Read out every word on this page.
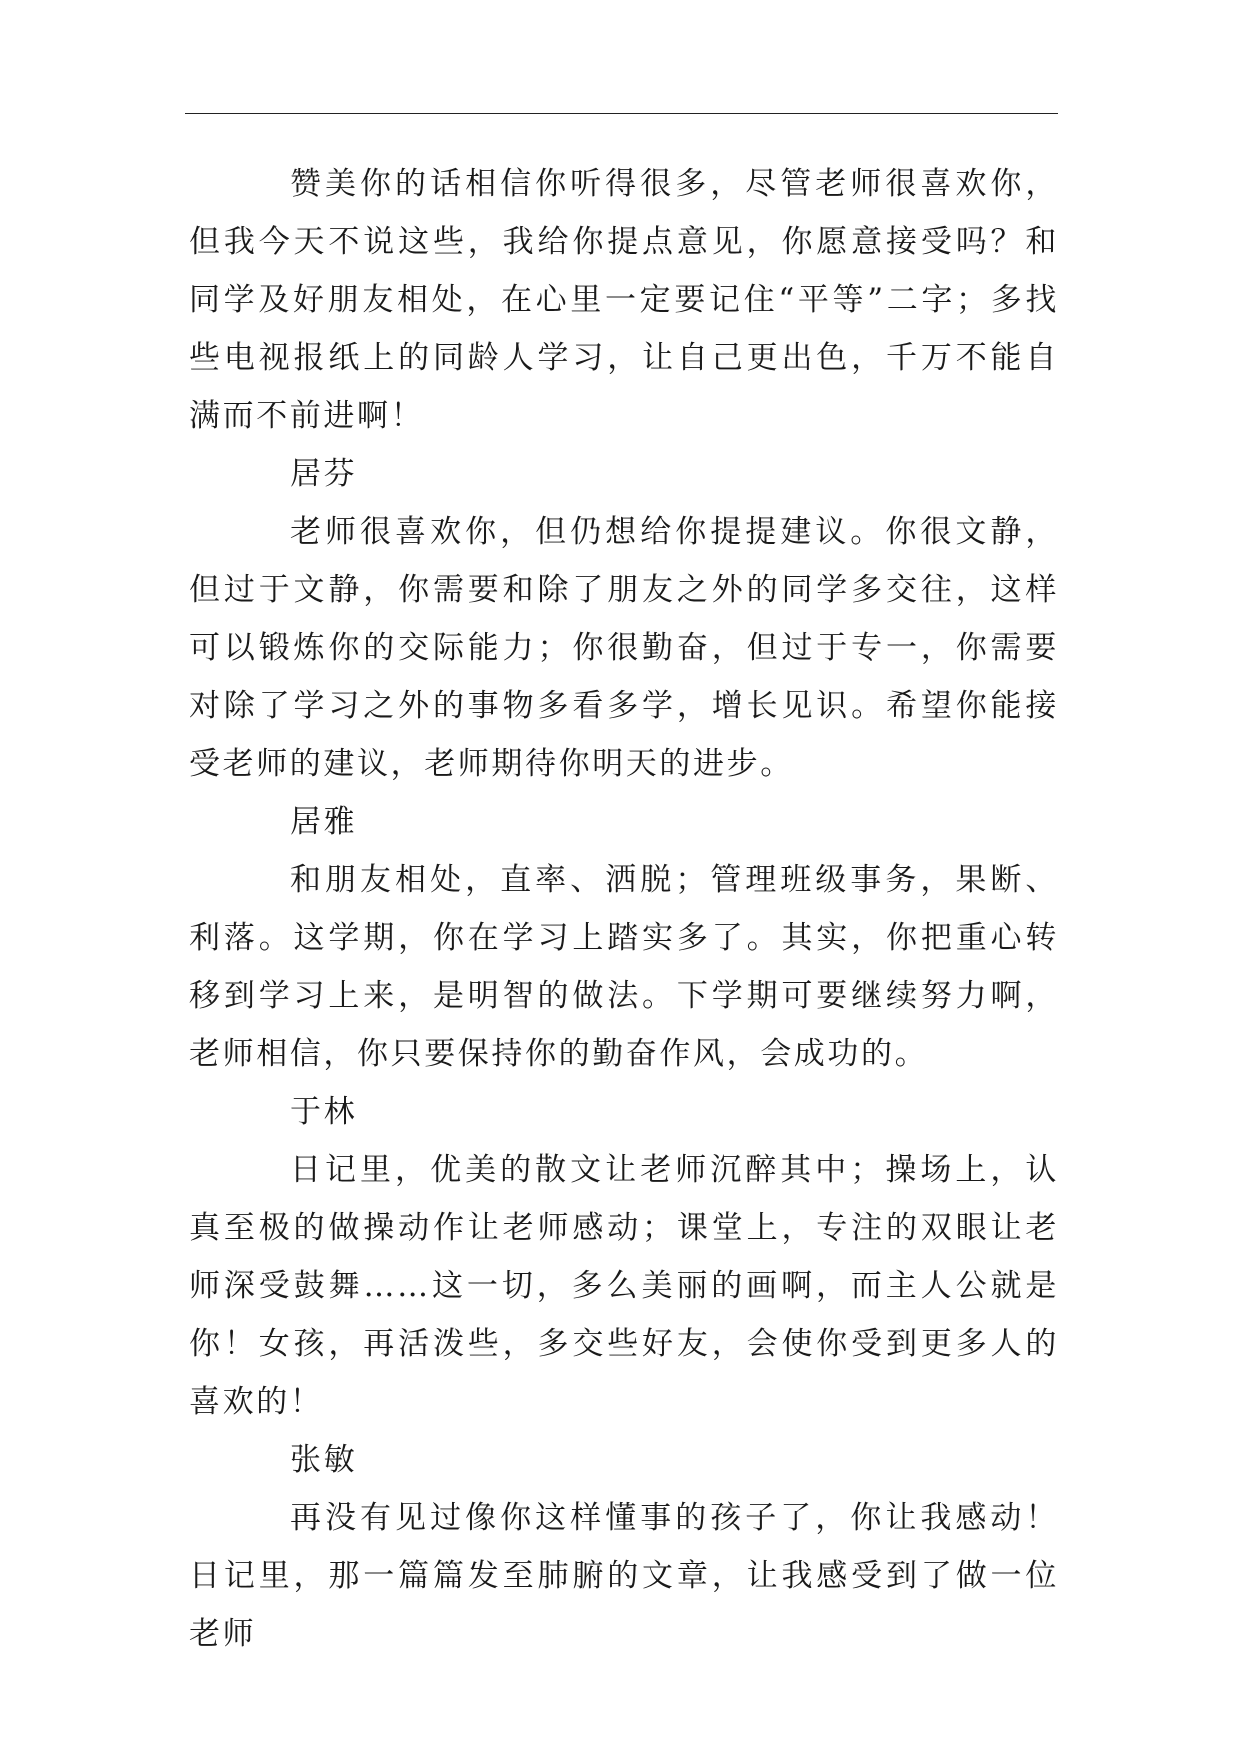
赞美你的话相信你听得很多，尽管老师很喜欢你，但我今天不说这些，我给你提点意见，你愿意接受吗？和同学及好朋友相处，在心里一定要记住“平等”二字；多找些电视报纸上的同龄人学习，让自己更出色，千万不能自满而不前进啊！

居芬

老师很喜欢你，但仍想给你提提建议。你很文静，但过于文静，你需要和除了朋友之外的同学多交往，这样可以锻炼你的交际能力；你很勤奋，但过于专一，你需要对除了学习之外的事物多看多学，增长见识。希望你能接受老师的建议，老师期待你明天的进步。

居雅

和朋友相处，直率、洒脱；管理班级事务，果断、利落。这学期，你在学习上踏实多了。其实，你把重心转移到学习上来，是明智的做法。下学期可要继续努力啊，老师相信，你只要保持你的勤奋作风，会成功的。

于林

日记里，优美的散文让老师沉醉其中；操场上，认真至极的做操动作让老师感动；课堂上，专注的双眼让老师深受鼓舞……这一切，多么美丽的画啊，而主人公就是你！女孩，再活泼些，多交些好友，会使你受到更多人的喜欢的！

张敏

再没有见过像你这样懂事的孩子了，你让我感动！日记里，那一篇篇发至肺腑的文章，让我感受到了做一位老师
